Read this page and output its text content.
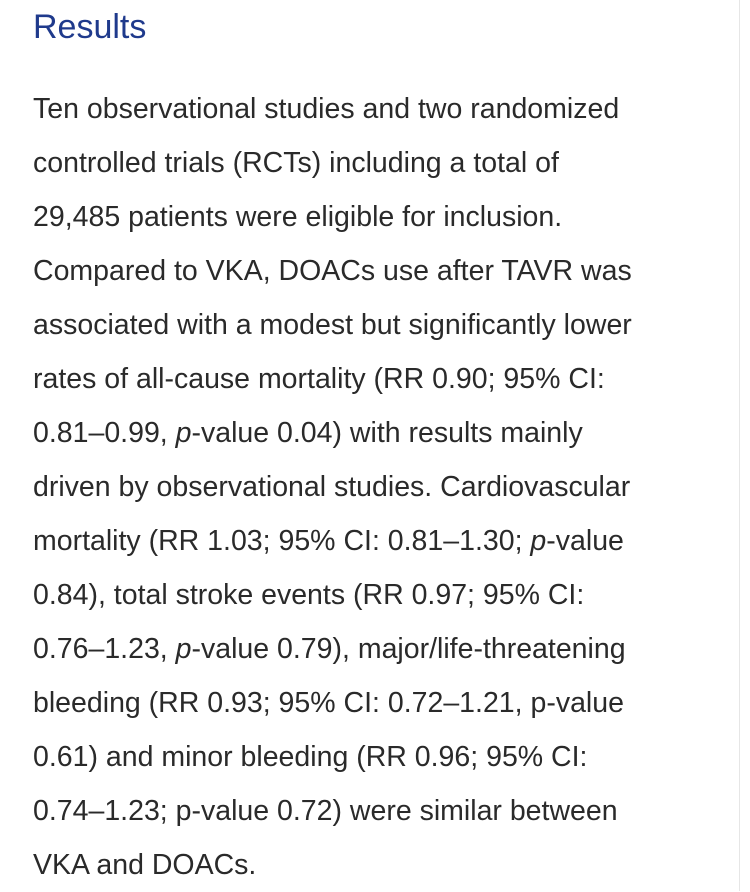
Results
Ten observational studies and two randomized
controlled trials (RCTs) including a total of
29,485 patients were eligible for inclusion.
Compared to VKA, DOACs use after TAVR was
associated with a modest but significantly lower
rates of all-cause mortality (RR 0.90; 95% CI:
0.81–0.99, p-value 0.04) with results mainly
driven by observational studies. Cardiovascular
mortality (RR 1.03; 95% CI: 0.81–1.30; p-value
0.84), total stroke events (RR 0.97; 95% CI:
0.76–1.23, p-value 0.79), major/life-threatening
bleeding (RR 0.93; 95% CI: 0.72–1.21, p-value
0.61) and minor bleeding (RR 0.96; 95% CI:
0.74–1.23; p-value 0.72) were similar between
VKA and DOACs.
